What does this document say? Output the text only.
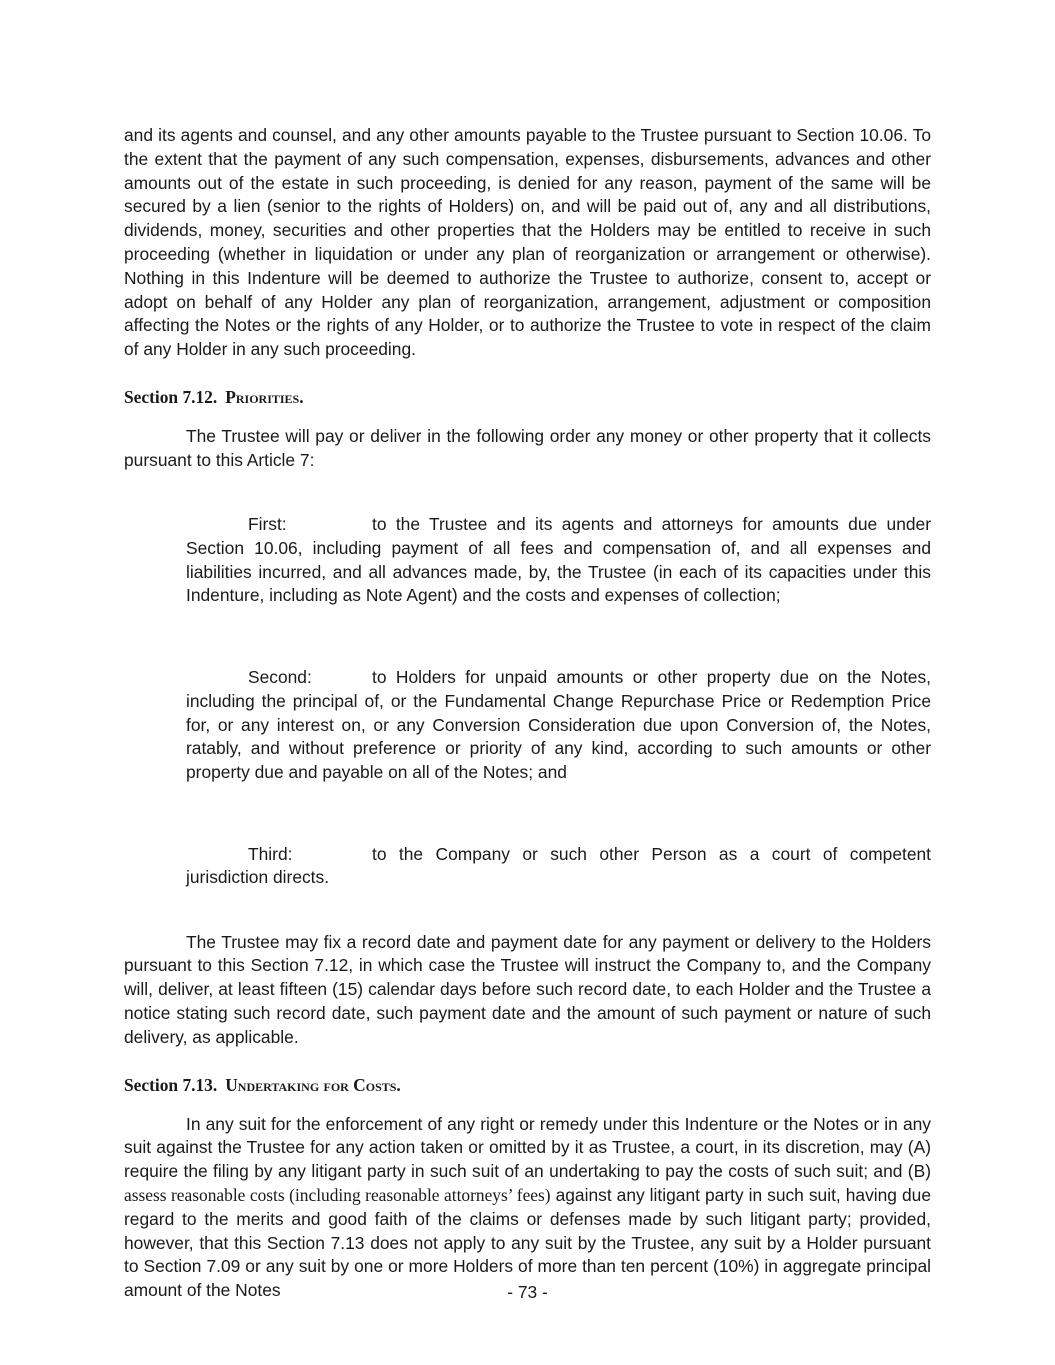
and its agents and counsel, and any other amounts payable to the Trustee pursuant to Section 10.06. To the extent that the payment of any such compensation, expenses, disbursements, advances and other amounts out of the estate in such proceeding, is denied for any reason, payment of the same will be secured by a lien (senior to the rights of Holders) on, and will be paid out of, any and all distributions, dividends, money, securities and other properties that the Holders may be entitled to receive in such proceeding (whether in liquidation or under any plan of reorganization or arrangement or otherwise). Nothing in this Indenture will be deemed to authorize the Trustee to authorize, consent to, accept or adopt on behalf of any Holder any plan of reorganization, arrangement, adjustment or composition affecting the Notes or the rights of any Holder, or to authorize the Trustee to vote in respect of the claim of any Holder in any such proceeding.

Section 7.12. Priorities.

The Trustee will pay or deliver in the following order any money or other property that it collects pursuant to this Article 7:

First:	to the Trustee and its agents and attorneys for amounts due under Section 10.06, including payment of all fees and compensation of, and all expenses and liabilities incurred, and all advances made, by, the Trustee (in each of its capacities under this Indenture, including as Note Agent) and the costs and expenses of collection;

Second:	to Holders for unpaid amounts or other property due on the Notes, including the principal of, or the Fundamental Change Repurchase Price or Redemption Price for, or any interest on, or any Conversion Consideration due upon Conversion of, the Notes, ratably, and without preference or priority of any kind, according to such amounts or other property due and payable on all of the Notes; and

Third:	to the Company or such other Person as a court of competent jurisdiction directs.

The Trustee may fix a record date and payment date for any payment or delivery to the Holders pursuant to this Section 7.12, in which case the Trustee will instruct the Company to, and the Company will, deliver, at least fifteen (15) calendar days before such record date, to each Holder and the Trustee a notice stating such record date, such payment date and the amount of such payment or nature of such delivery, as applicable.

Section 7.13. Undertaking for Costs.

In any suit for the enforcement of any right or remedy under this Indenture or the Notes or in any suit against the Trustee for any action taken or omitted by it as Trustee, a court, in its discretion, may (A) require the filing by any litigant party in such suit of an undertaking to pay the costs of such suit; and (B) assess reasonable costs (including reasonable attorneys’ fees) against any litigant party in such suit, having due regard to the merits and good faith of the claims or defenses made by such litigant party; provided, however, that this Section 7.13 does not apply to any suit by the Trustee, any suit by a Holder pursuant to Section 7.09 or any suit by one or more Holders of more than ten percent (10%) in aggregate principal amount of the Notes	- 73 -
